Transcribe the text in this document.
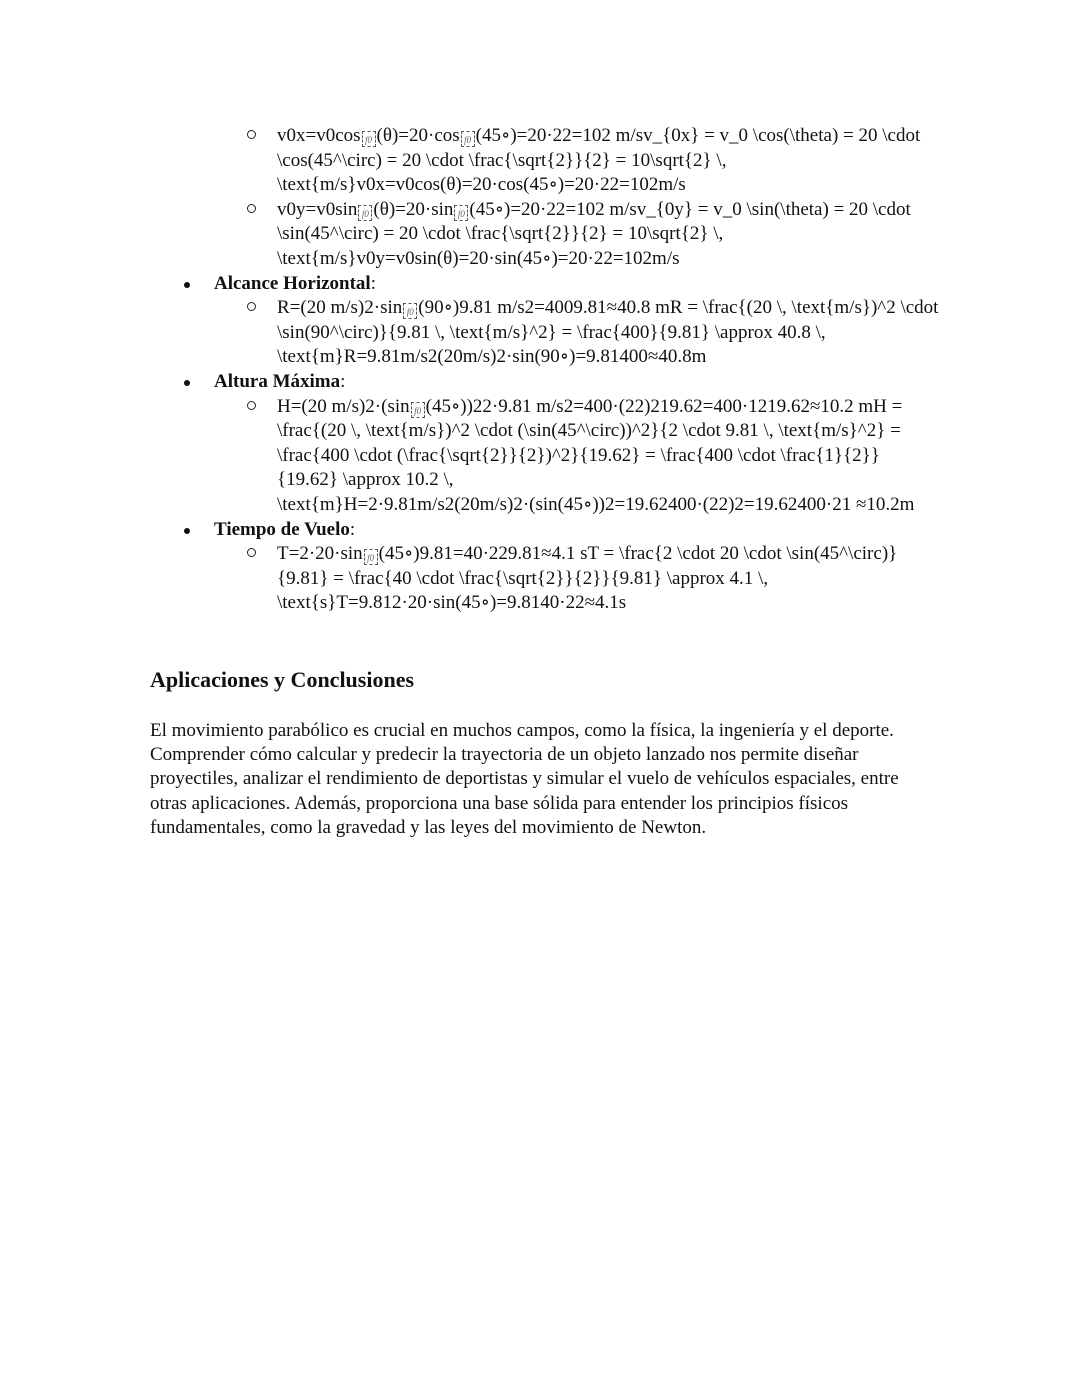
v0x=v0cos f0 (θ)=20·cos f0 (45∘)=20·22=102 m/sv_{0x} = v_0 \cos(\theta) = 20 \cdot \cos(45^\circ) = 20 \cdot \frac{\sqrt{2}}{2} = 10\sqrt{2} \, \text{m/s}v0x=v0cos(θ)=20·cos(45∘)=20·22=102m/s
v0y=v0sin f0 (θ)=20·sin f0 (45∘)=20·22=102 m/sv_{0y} = v_0 \sin(\theta) = 20 \cdot \sin(45^\circ) = 20 \cdot \frac{\sqrt{2}}{2} = 10\sqrt{2} \, \text{m/s}v0y=v0sin(θ)=20·sin(45∘)=20·22=102m/s
Alcance Horizontal:
R=(20 m/s)2·sin f0 (90∘)9.81 m/s2=4009.81≈40.8 mR = \frac{(20 \, \text{m/s})^2 \cdot \sin(90^\circ)}{9.81 \, \text{m/s}^2} = \frac{400}{9.81} \approx 40.8 \, \text{m}R=9.81m/s2(20m/s)2·sin(90∘)=9.81400≈40.8m
Altura Máxima:
H=(20 m/s)2·(sin f0 (45∘))22·9.81 m/s2=400·(22)219.62=400·1219.62≈10.2 mH = \frac{(20 \, \text{m/s})^2 \cdot (\sin(45^\circ))^2}{2 \cdot 9.81 \, \text{m/s}^2} = \frac{400 \cdot (\frac{\sqrt{2}}{2})^2}{19.62} = \frac{400 \cdot \frac{1}{2}}{19.62} \approx 10.2 \, \text{m}H=2·9.81m/s2(20m/s)2·(sin(45∘))2=19.62400·(22)2=19.62400·21 ≈10.2m
Tiempo de Vuelo:
T=2·20·sin f0 (45∘)9.81=40·229.81≈4.1 sT = \frac{2 \cdot 20 \cdot \sin(45^\circ)}{9.81} = \frac{40 \cdot \frac{\sqrt{2}}{2}}{9.81} \approx 4.1 \, \text{s}T=9.812·20·sin(45∘)=9.8140·22≈4.1s
Aplicaciones y Conclusiones

El movimiento parabólico es crucial en muchos campos, como la física, la ingeniería y el deporte. Comprender cómo calcular y predecir la trayectoria de un objeto lanzado nos permite diseñar proyectiles, analizar el rendimiento de deportistas y simular el vuelo de vehículos espaciales, entre otras aplicaciones. Además, proporciona una base sólida para entender los principios físicos fundamentales, como la gravedad y las leyes del movimiento de Newton.
